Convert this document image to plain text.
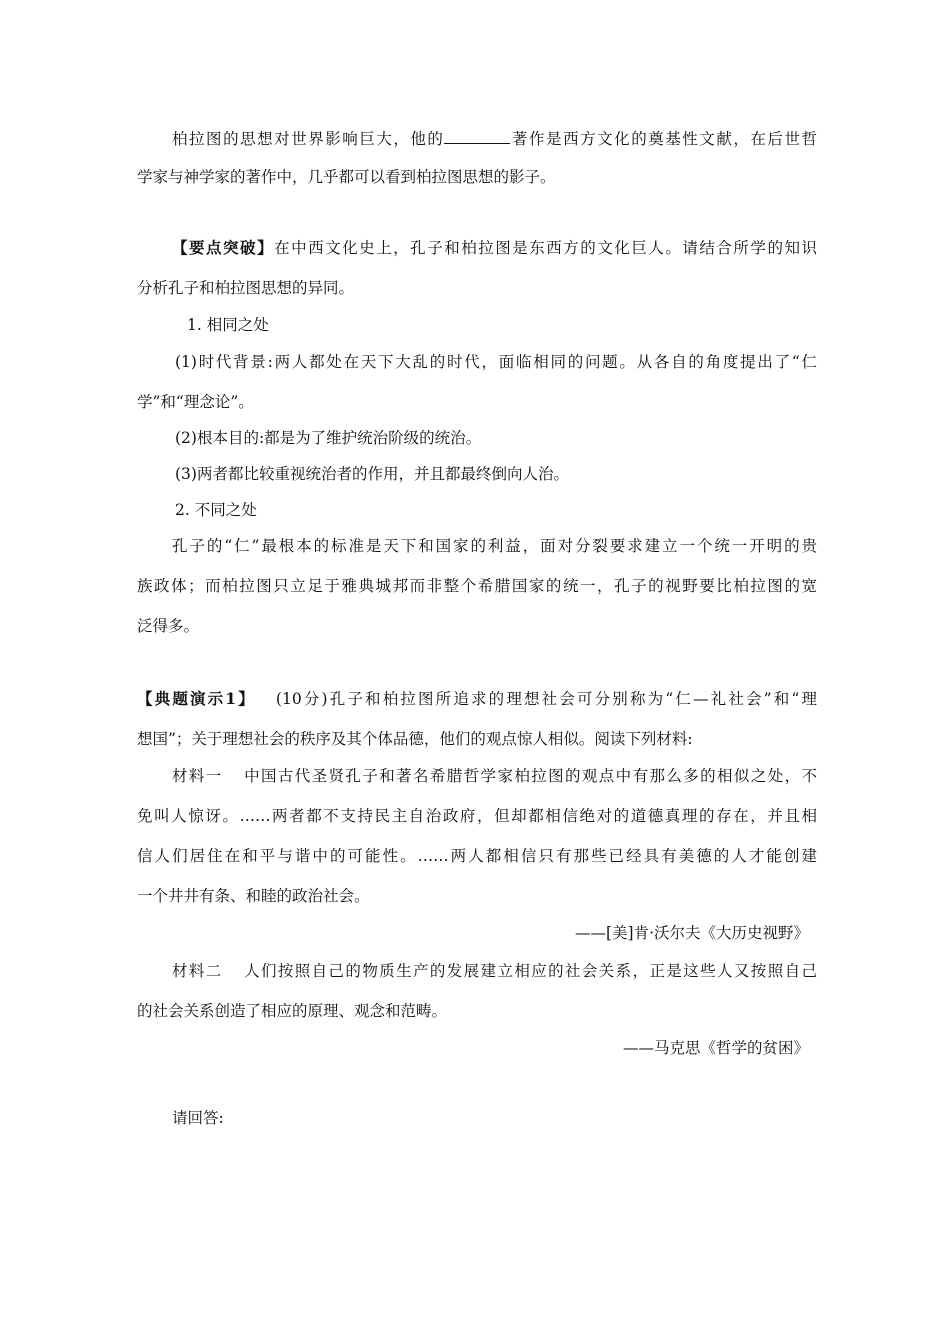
柏拉图的思想对世界影响巨大，他的	著作是西方文化的奠基性文献，在后世哲
学家与神学家的著作中，几乎都可以看到柏拉图思想的影子。
【要点突破】在中西文化史上，孔子和柏拉图是东西方的文化巨人。请结合所学的知识
分析孔子和柏拉图思想的异同。
1. 相同之处
(1)时代背景:两人都处在天下大乱的时代，面临相同的问题。从各自的角度提出了“仁
学”和“理念论”。
(2)根本目的:都是为了维护统治阶级的统治。
(3)两者都比较重视统治者的作用，并且都最终倒向人治。
2. 不同之处
孔子的“仁”最根本的标准是天下和国家的利益，面对分裂要求建立一个统一开明的贵
族政体；而柏拉图只立足于雅典城邦而非整个希腊国家的统一，孔子的视野要比柏拉图的宽
泛得多。
【典题演示1】 (10分)孔子和柏拉图所追求的理想社会可分别称为“仁—礼社会”和“理
想国”；关于理想社会的秩序及其个体品德，他们的观点惊人相似。阅读下列材料:
材料一 中国古代圣贤孔子和著名希腊哲学家柏拉图的观点中有那么多的相似之处，不
免叫人惊讶。……两者都不支持民主自治政府，但却都相信绝对的道德真理的存在，并且相
信人们居住在和平与谐中的可能性。……两人都相信只有那些已经具有美德的人才能创建
一个井井有条、和睦的政治社会。
——[美]肯·沃尔夫《大历史视野》
材料二 人们按照自己的物质生产的发展建立相应的社会关系，正是这些人又按照自己
的社会关系创造了相应的原理、观念和范畴。
——马克思《哲学的贫困》
请回答:
